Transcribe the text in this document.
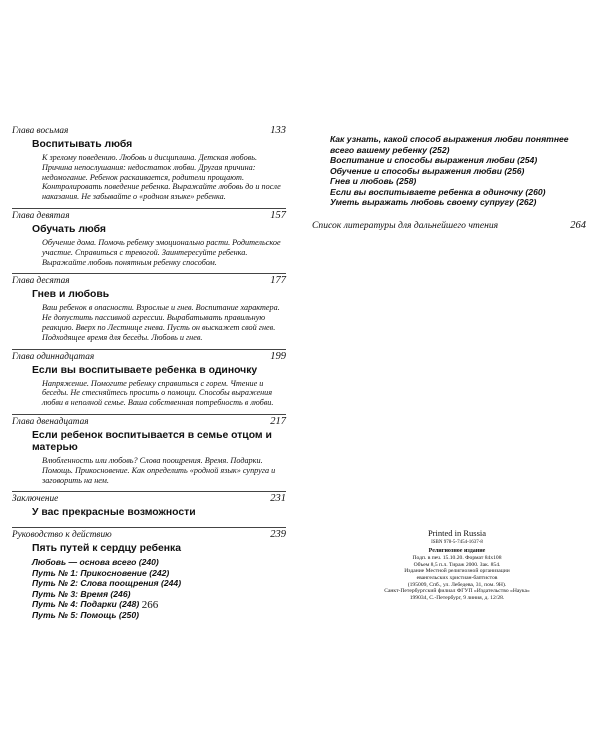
Глава восьмая	133
Воспитывать любя
К зрелому поведению. Любовь и дисциплина. Детская любовь. Причина непослушания: недостаток любви. Другая причина: недомогание. Ребенок раскаивается, родители прощают. Контролировать поведение ребенка. Выражайте любовь до и после наказания. Не забывайте о «родном языке» ребенка.
Глава девятая	157
Обучать любя
Обучение дома. Помочь ребенку эмоционально расти. Родительское участие. Справиться с тревогой. Заинтересуйте ребенка. Выражайте любовь понятным ребенку способом.
Глава десятая	177
Гнев и любовь
Ваш ребенок в опасности. Взрослые и гнев. Воспитание характера. Не допустить пассивной агрессии. Вырабатывать правильную реакцию. Вверх по Лестнице гнева. Пусть он выскажет свой гнев. Подходящее время для беседы. Любовь и гнев.
Глава одиннадцатая	199
Если вы воспитываете ребенка в одиночку
Напряжение. Помогите ребенку справиться с горем. Чтение и беседы. Не стесняйтесь просить о помощи. Способы выражения любви в неполной семье. Ваша собственная потребность в любви.
Глава двенадцатая	217
Если ребенок воспитывается в семье отцом и матерью
Влюбленность или любовь? Слова поощрения. Время. Подарки. Помощь. Прикосновение. Как определить «родной язык» супруга и заговорить на нем.
Заключение	231
У вас прекрасные возможности
Руководство к действию	239
Пять путей к сердцу ребенка
Любовь — основа всего (240)
Путь № 1: Прикосновение (242)
Путь № 2: Слова поощрения (244)
Путь № 3: Время (246)
Путь № 4: Подарки (248)
Путь № 5: Помощь (250)
266
Как узнать, какой способ выражения любви понятнее всего вашему ребенку (252)
Воспитание и способы выражения любви (254)
Обучение и способы выражения любви (256)
Гнев и любовь (258)
Если вы воспитываете ребенка в одиночку (260)
Уметь выражать любовь своему супругу (262)
Список литературы для дальнейшего чтения	264
Printed in Russia
ISBN 978-5-7454-1637-8
Религиозное издание
Подп. в печ. 15.10.20. Формат 84x108
Объем 8,5 п.л. Тираж 2000. Зак. 854.
Издание Местной религиозной организации
евангельских христиан-баптистов
(195009, Спб., ул. Лебедева, 31, пом. 9Н).
Санкт-Петербургский филиал ФГУП «Издательство «Наука»
199034, С.-Петербург, 9 линия, д. 12/28.
